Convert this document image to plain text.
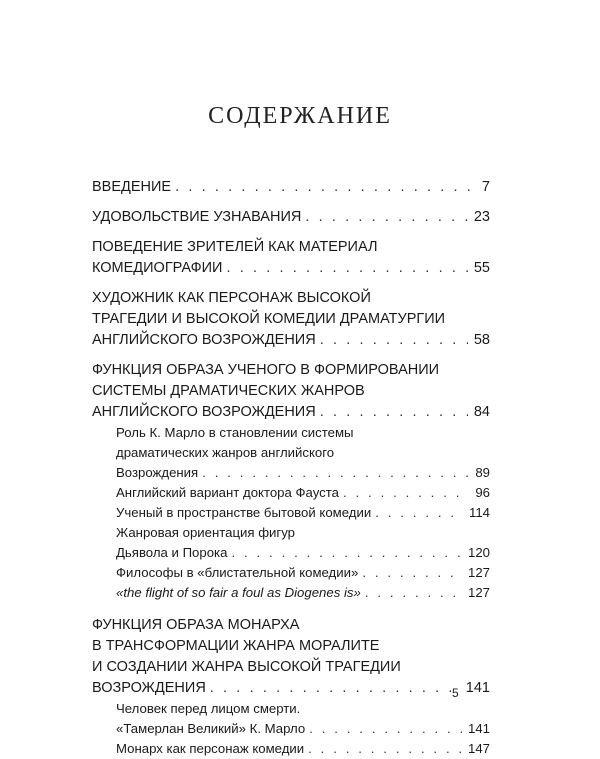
СОДЕРЖАНИЕ
ВВЕДЕНИЕ . . .	7
УДОВОЛЬСТВИЕ УЗНАВАНИЯ . . .	23
ПОВЕДЕНИЕ ЗРИТЕЛЕЙ КАК МАТЕРИАЛ
КОМЕДИОГРАФИИ . . .	55
ХУДОЖНИК КАК ПЕРСОНАЖ ВЫСОКОЙ
ТРАГЕДИИ И ВЫСОКОЙ КОМЕДИИ ДРАМАТУРГИИ
АНГЛИЙСКОГО ВОЗРОЖДЕНИЯ . . .	58
ФУНКЦИЯ ОБРАЗА УЧЕНОГО В ФОРМИРОВАНИИ
СИСТЕМЫ ДРАМАТИЧЕСКИХ ЖАНРОВ
АНГЛИЙСКОГО ВОЗРОЖДЕНИЯ . . .	84
Роль К. Марло в становлении системы
драматических жанров английского
Возрождения . . .	89
Английский вариант доктора Фауста . . .	96
Ученый в пространстве бытовой комедии . . .	114
Жанровая ориентация фигур
Дьявола и Порока . . .	120
Философы в «блистательной комедии» . . .	127
«the flight of so fair a foul as Diogenes is» . . .	127
ФУНКЦИЯ ОБРАЗА МОНАРХА
В ТРАНСФОРМАЦИИ ЖАНРА МОРАЛИТЕ
И СОЗДАНИИ ЖАНРА ВЫСОКОЙ ТРАГЕДИИ
ВОЗРОЖДЕНИЯ . . .	141
Человек перед лицом смерти.
«Тамерлан Великий» К. Марло . . .	141
Монарх как персонаж комедии . . .	147
5
